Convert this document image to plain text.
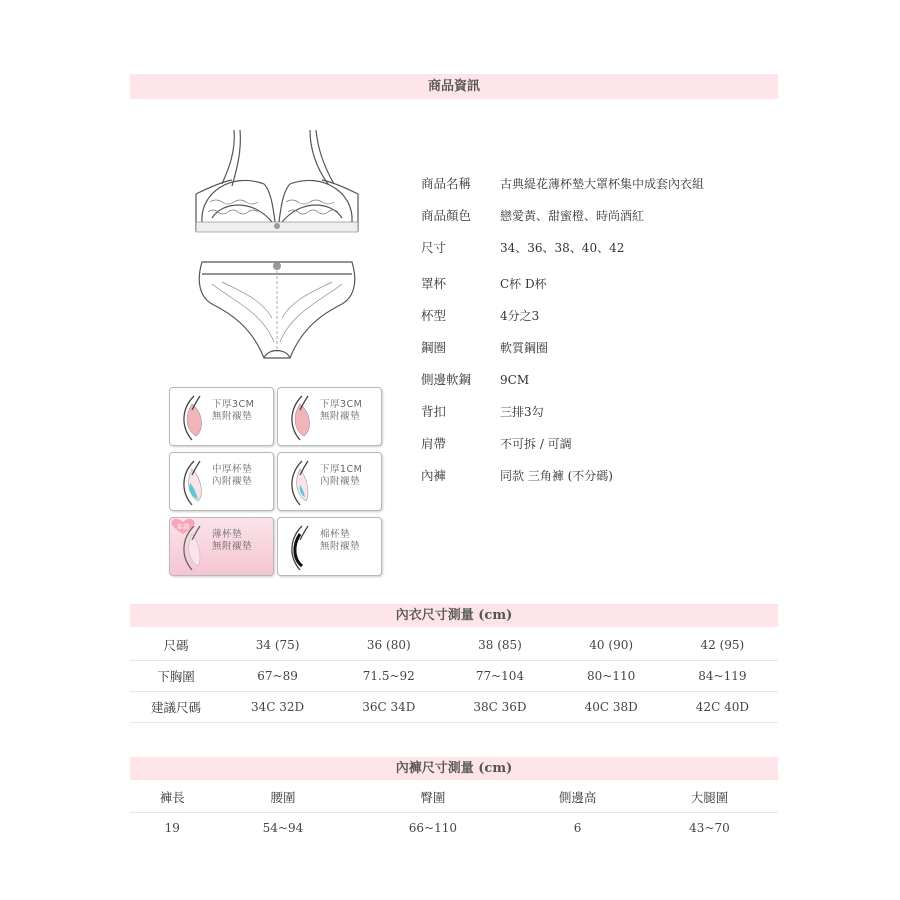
商品資訊
下厚3CM
無附襯墊
下厚3CM
無附襯墊
中厚杯墊
內附襯墊
下厚1CM
內附襯墊
薄杯墊
無附襯墊
本款
棉杯墊
無附襯墊
商品名稱	古典緹花薄杯墊大罩杯集中成套內衣組
商品顏色	戀愛黃、甜蜜橙、時尚酒紅
尺寸	34、36、38、40、42
罩杯	C杯 D杯
杯型	4分之3
鋼圈	軟質鋼圈
側邊軟鋼	9CM
背扣	三排3勾
肩帶	不可拆 / 可調
內褲	同款 三角褲 (不分碼)
內衣尺寸測量 (cm)
尺碼	34 (75)	36 (80)	38 (85)	40 (90)	42 (95)
下胸圍	67~89	71.5~92	77~104	80~110	84~119
建議尺碼	34C 32D	36C 34D	38C 36D	40C 38D	42C 40D
內褲尺寸測量 (cm)
褲長	腰圍	臀圍	側邊高	大腿圍
19	54~94	66~110	6	43~70
